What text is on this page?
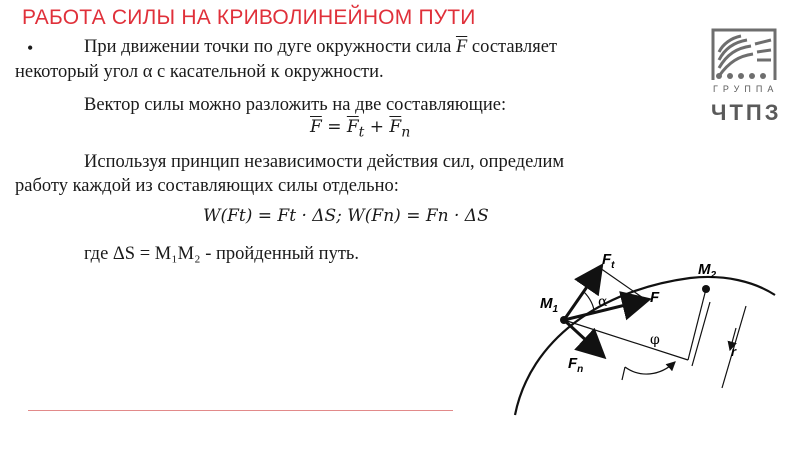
РАБОТА СИЛЫ НА КРИВОЛИНЕЙНОМ ПУТИ
•	При движении точки по дуге окружности сила $\overline{F}$ составляет
некоторый угол α с касательной к окружности.
Вектор силы можно разложить на две составляющие:
$\overline{F} = \overline{F}_t + \overline{F}_n$
Используя принцип независимости действия сил, определим
работу каждой из составляющих силы отдельно:
W(Ft) = Ft · ΔS; W(Fn) = Fn · ΔS
где ΔS = M₁M₂ - пройденный путь.
ГРУППА
ЧТПЗ
$F_t$
F
$F_n$
$M_1$
$M_2$
α
φ
r
